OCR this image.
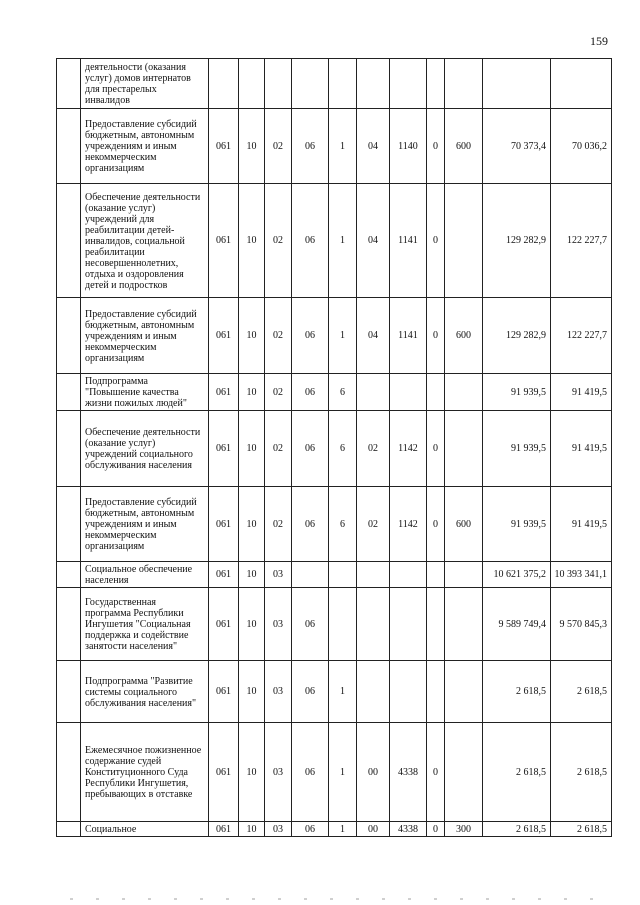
159
	деятельности (оказания услуг) домов интернатов для престарелых инвалидов											
	Предоставление субсидий бюджетным, автономным учреждениям и иным некоммерческим организациям	061	10	02	06	1	04	1140	0	600	70 373,4	70 036,2
	Обеспечение деятельности (оказание услуг) учреждений для реабилитации детей-инвалидов, социальной реабилитации несовершеннолетних, отдыха и оздоровления детей и подростков	061	10	02	06	1	04	1141	0		129 282,9	122 227,7
	Предоставление субсидий бюджетным, автономным учреждениям и иным некоммерческим организациям	061	10	02	06	1	04	1141	0	600	129 282,9	122 227,7
	Подпрограмма "Повышение качества жизни пожилых людей"	061	10	02	06	6					91 939,5	91 419,5
	Обеспечение деятельности (оказание услуг) учреждений социального обслуживания населения	061	10	02	06	6	02	1142	0		91 939,5	91 419,5
	Предоставление субсидий бюджетным, автономным учреждениям и иным некоммерческим организациям	061	10	02	06	6	02	1142	0	600	91 939,5	91 419,5
	Социальное обеспечение населения	061	10	03							10 621 375,2	10 393 341,1
	Государственная программа Республики Ингушетия "Социальная поддержка и содействие занятости населения"	061	10	03	06						9 589 749,4	9 570 845,3
	Подпрограмма "Развитие системы социального обслуживания населения"	061	10	03	06	1					2 618,5	2 618,5
	Ежемесячное пожизненное содержание судей Конституционного Суда Республики Ингушетия, пребывающих в отставке	061	10	03	06	1	00	4338	0		2 618,5	2 618,5
	Социальное	061	10	03	06	1	00	4338	0	300	2 618,5	2 618,5
